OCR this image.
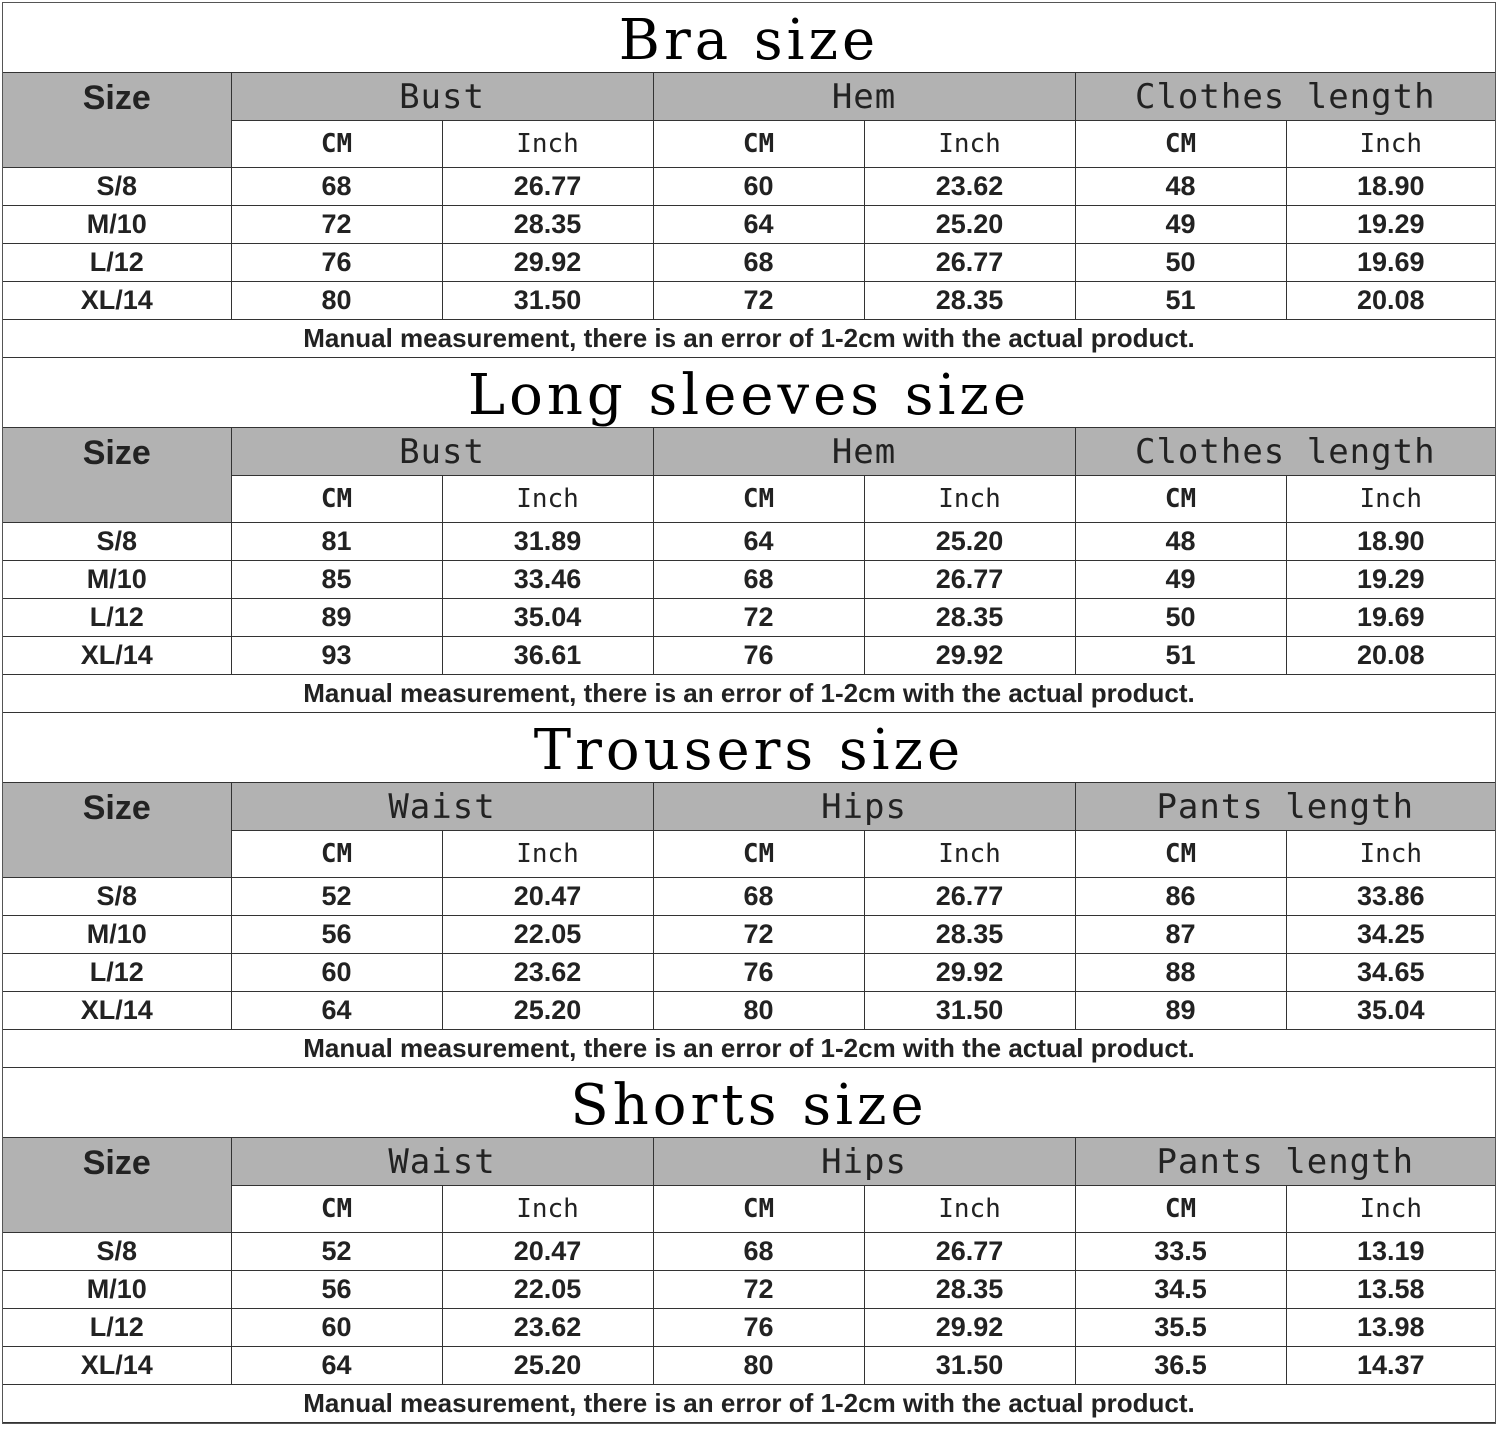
Bra size
Size	Bust		Hem		Clothes length	
	CM	Inch	CM	Inch	CM	Inch
S/8	68	26.77	60	23.62	48	18.90
M/10	72	28.35	64	25.20	49	19.29
L/12	76	29.92	68	26.77	50	19.69
XL/14	80	31.50	72	28.35	51	20.08
Manual measurement, there is an error of 1-2cm with the actual product.						
Long sleeves size
Size	Bust		Hem		Clothes length	
	CM	Inch	CM	Inch	CM	Inch
S/8	81	31.89	64	25.20	48	18.90
M/10	85	33.46	68	26.77	49	19.29
L/12	89	35.04	72	28.35	50	19.69
XL/14	93	36.61	76	29.92	51	20.08
Manual measurement, there is an error of 1-2cm with the actual product.						
Trousers size
Size	Waist		Hips		Pants length	
	CM	Inch	CM	Inch	CM	Inch
S/8	52	20.47	68	26.77	86	33.86
M/10	56	22.05	72	28.35	87	34.25
L/12	60	23.62	76	29.92	88	34.65
XL/14	64	25.20	80	31.50	89	35.04
Manual measurement, there is an error of 1-2cm with the actual product.						
Shorts size
Size	Waist		Hips		Pants length	
	CM	Inch	CM	Inch	CM	Inch
S/8	52	20.47	68	26.77	33.5	13.19
M/10	56	22.05	72	28.35	34.5	13.58
L/12	60	23.62	76	29.92	35.5	13.98
XL/14	64	25.20	80	31.50	36.5	14.37
Manual measurement, there is an error of 1-2cm with the actual product.						
